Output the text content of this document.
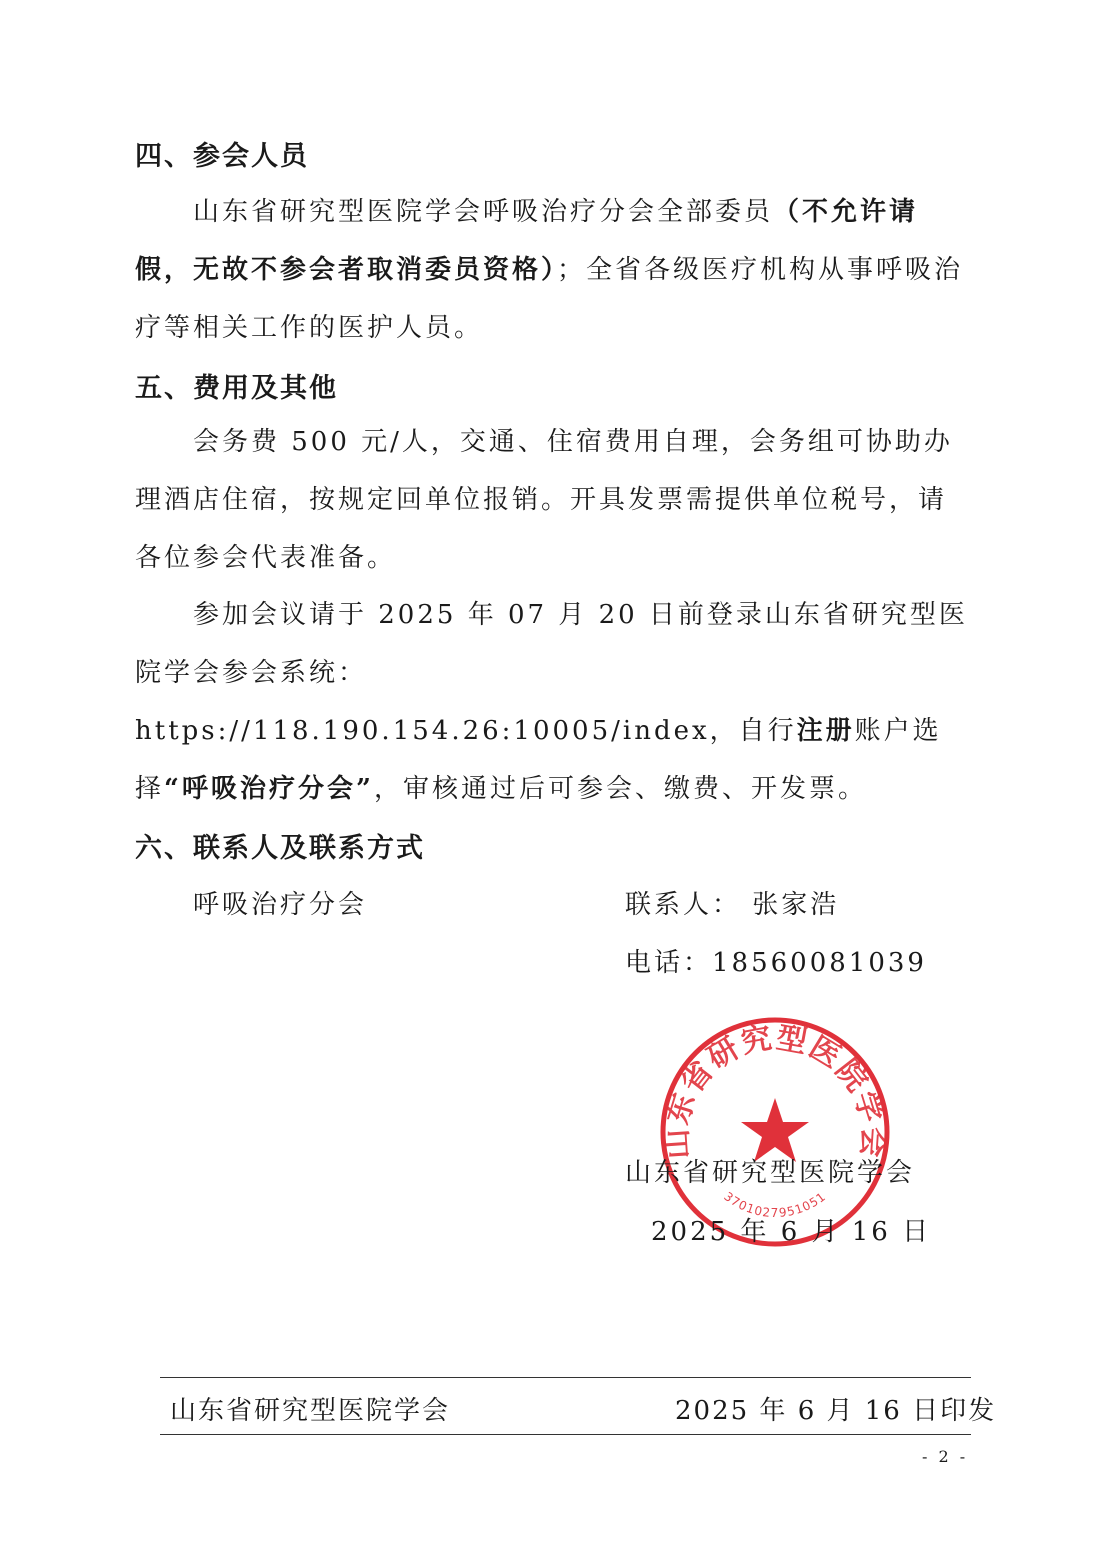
四、参会人员
山东省研究型医院学会呼吸治疗分会全部委员（不允许请假，无故不参会者取消委员资格）；全省各级医疗机构从事呼吸治疗等相关工作的医护人员。
五、费用及其他
会务费 500 元/人，交通、住宿费用自理，会务组可协助办理酒店住宿，按规定回单位报销。开具发票需提供单位税号，请各位参会代表准备。
参加会议请于 2025 年 07 月 20 日前登录山东省研究型医院学会参会系统：https://118.190.154.26:10005/index，自行注册账户选择“呼吸治疗分会”，审核通过后可参会、缴费、开发票。
六、联系人及联系方式
呼吸治疗分会	联系人： 张家浩
电话：18560081039
山东省研究型医院学会
3701027951051
山东省研究型医院学会
2025 年 6 月 16 日
山东省研究型医院学会	2025 年 6 月 16 日印发
- 2 -
